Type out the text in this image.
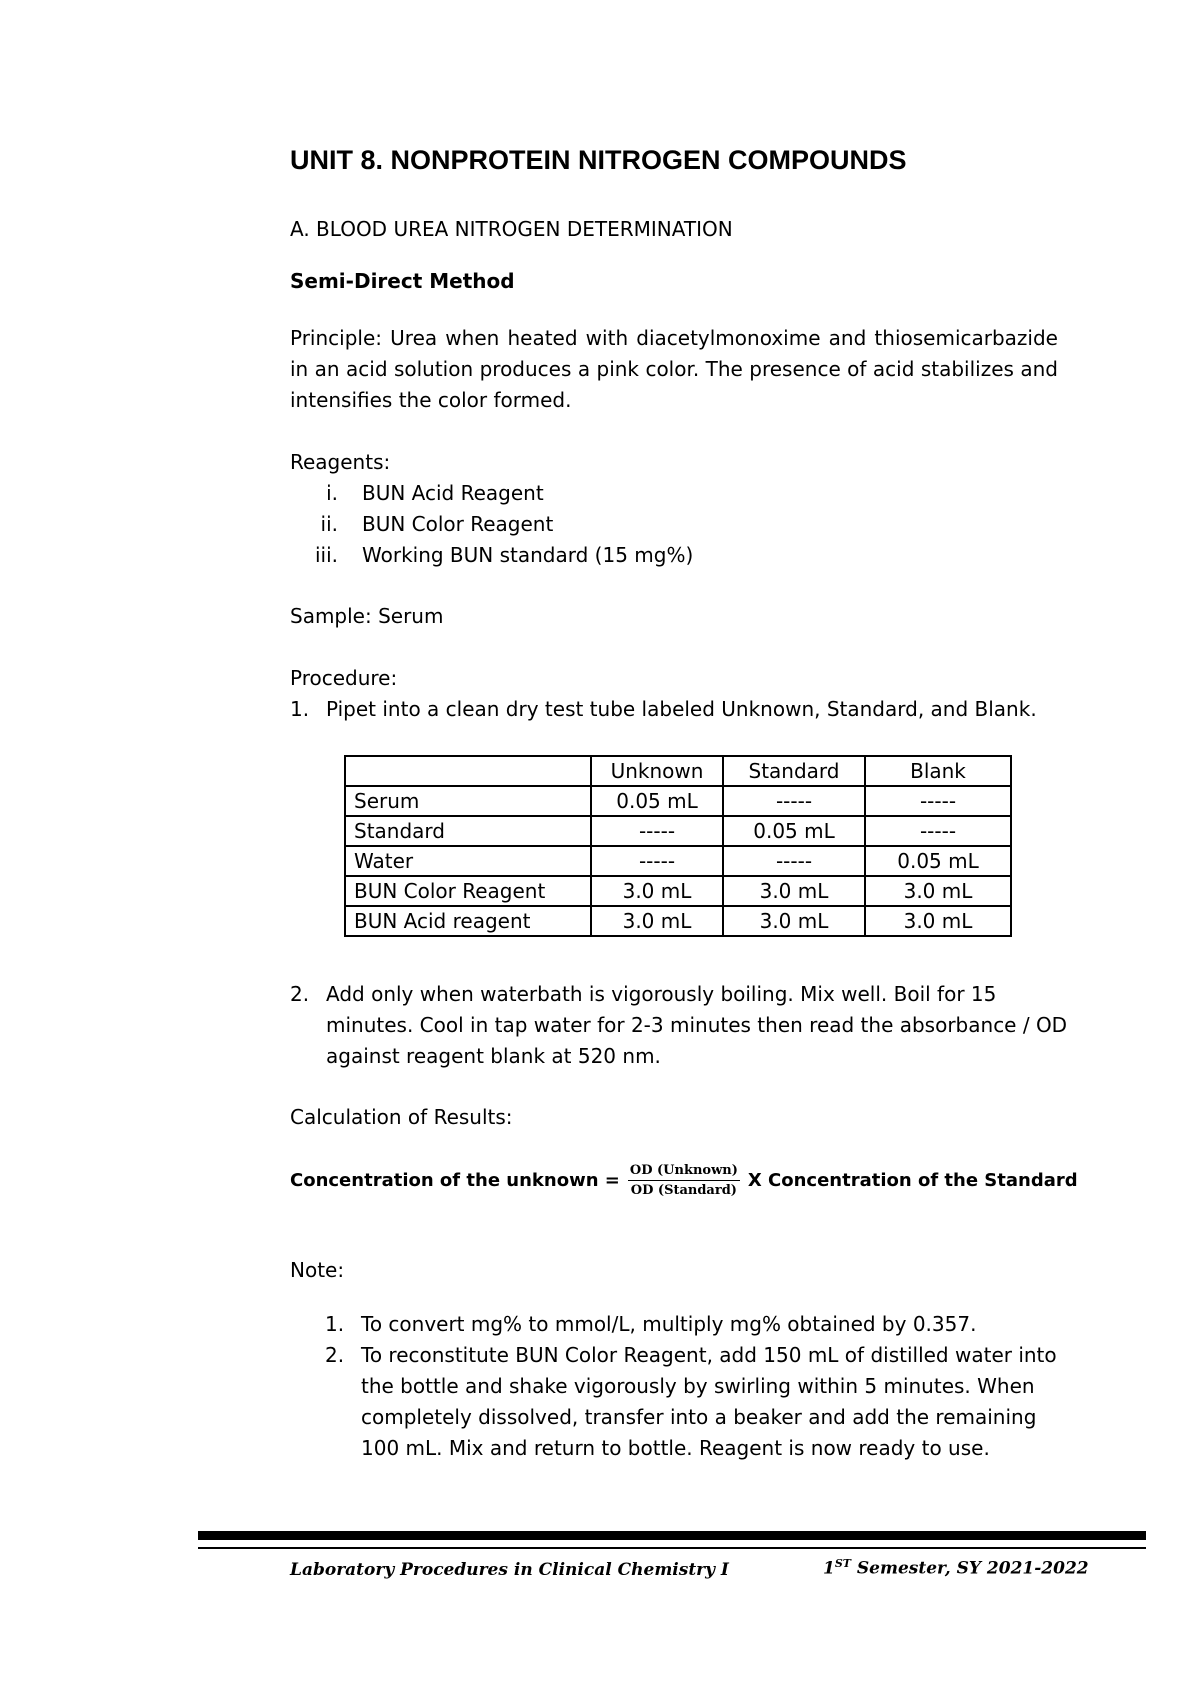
UNIT 8. NONPROTEIN NITROGEN COMPOUNDS
A. BLOOD UREA NITROGEN DETERMINATION
Semi-Direct Method
Principle: Urea when heated with diacetylmonoxime and thiosemicarbazide in an acid solution produces a pink color. The presence of acid stabilizes and intensifies the color formed.
Reagents:
i. BUN Acid Reagent
ii. BUN Color Reagent
iii. Working BUN standard (15 mg%)
Sample: Serum
Procedure:
1. Pipet into a clean dry test tube labeled Unknown, Standard, and Blank.
	Unknown	Standard	Blank
Serum	0.05 mL	-----	-----
Standard	-----	0.05 mL	-----
Water	-----	-----	0.05 mL
BUN Color Reagent	3.0 mL	3.0 mL	3.0 mL
BUN Acid reagent	3.0 mL	3.0 mL	3.0 mL
2. Add only when waterbath is vigorously boiling. Mix well. Boil for 15
minutes. Cool in tap water for 2-3 minutes then read the absorbance / OD
against reagent blank at 520 nm.
Calculation of Results:
Concentration of the unknown = $\frac{\text{OD (Unknown)}}{\text{OD (Standard)}}$ X Concentration of the Standard
Note:
1. To convert mg% to mmol/L, multiply mg% obtained by 0.357.
2. To reconstitute BUN Color Reagent, add 150 mL of distilled water into
the bottle and shake vigorously by swirling within 5 minutes. When
completely dissolved, transfer into a beaker and add the remaining
100 mL. Mix and return to bottle. Reagent is now ready to use.
Laboratory Procedures in Clinical Chemistry I	1ST Semester, SY 2021-2022
